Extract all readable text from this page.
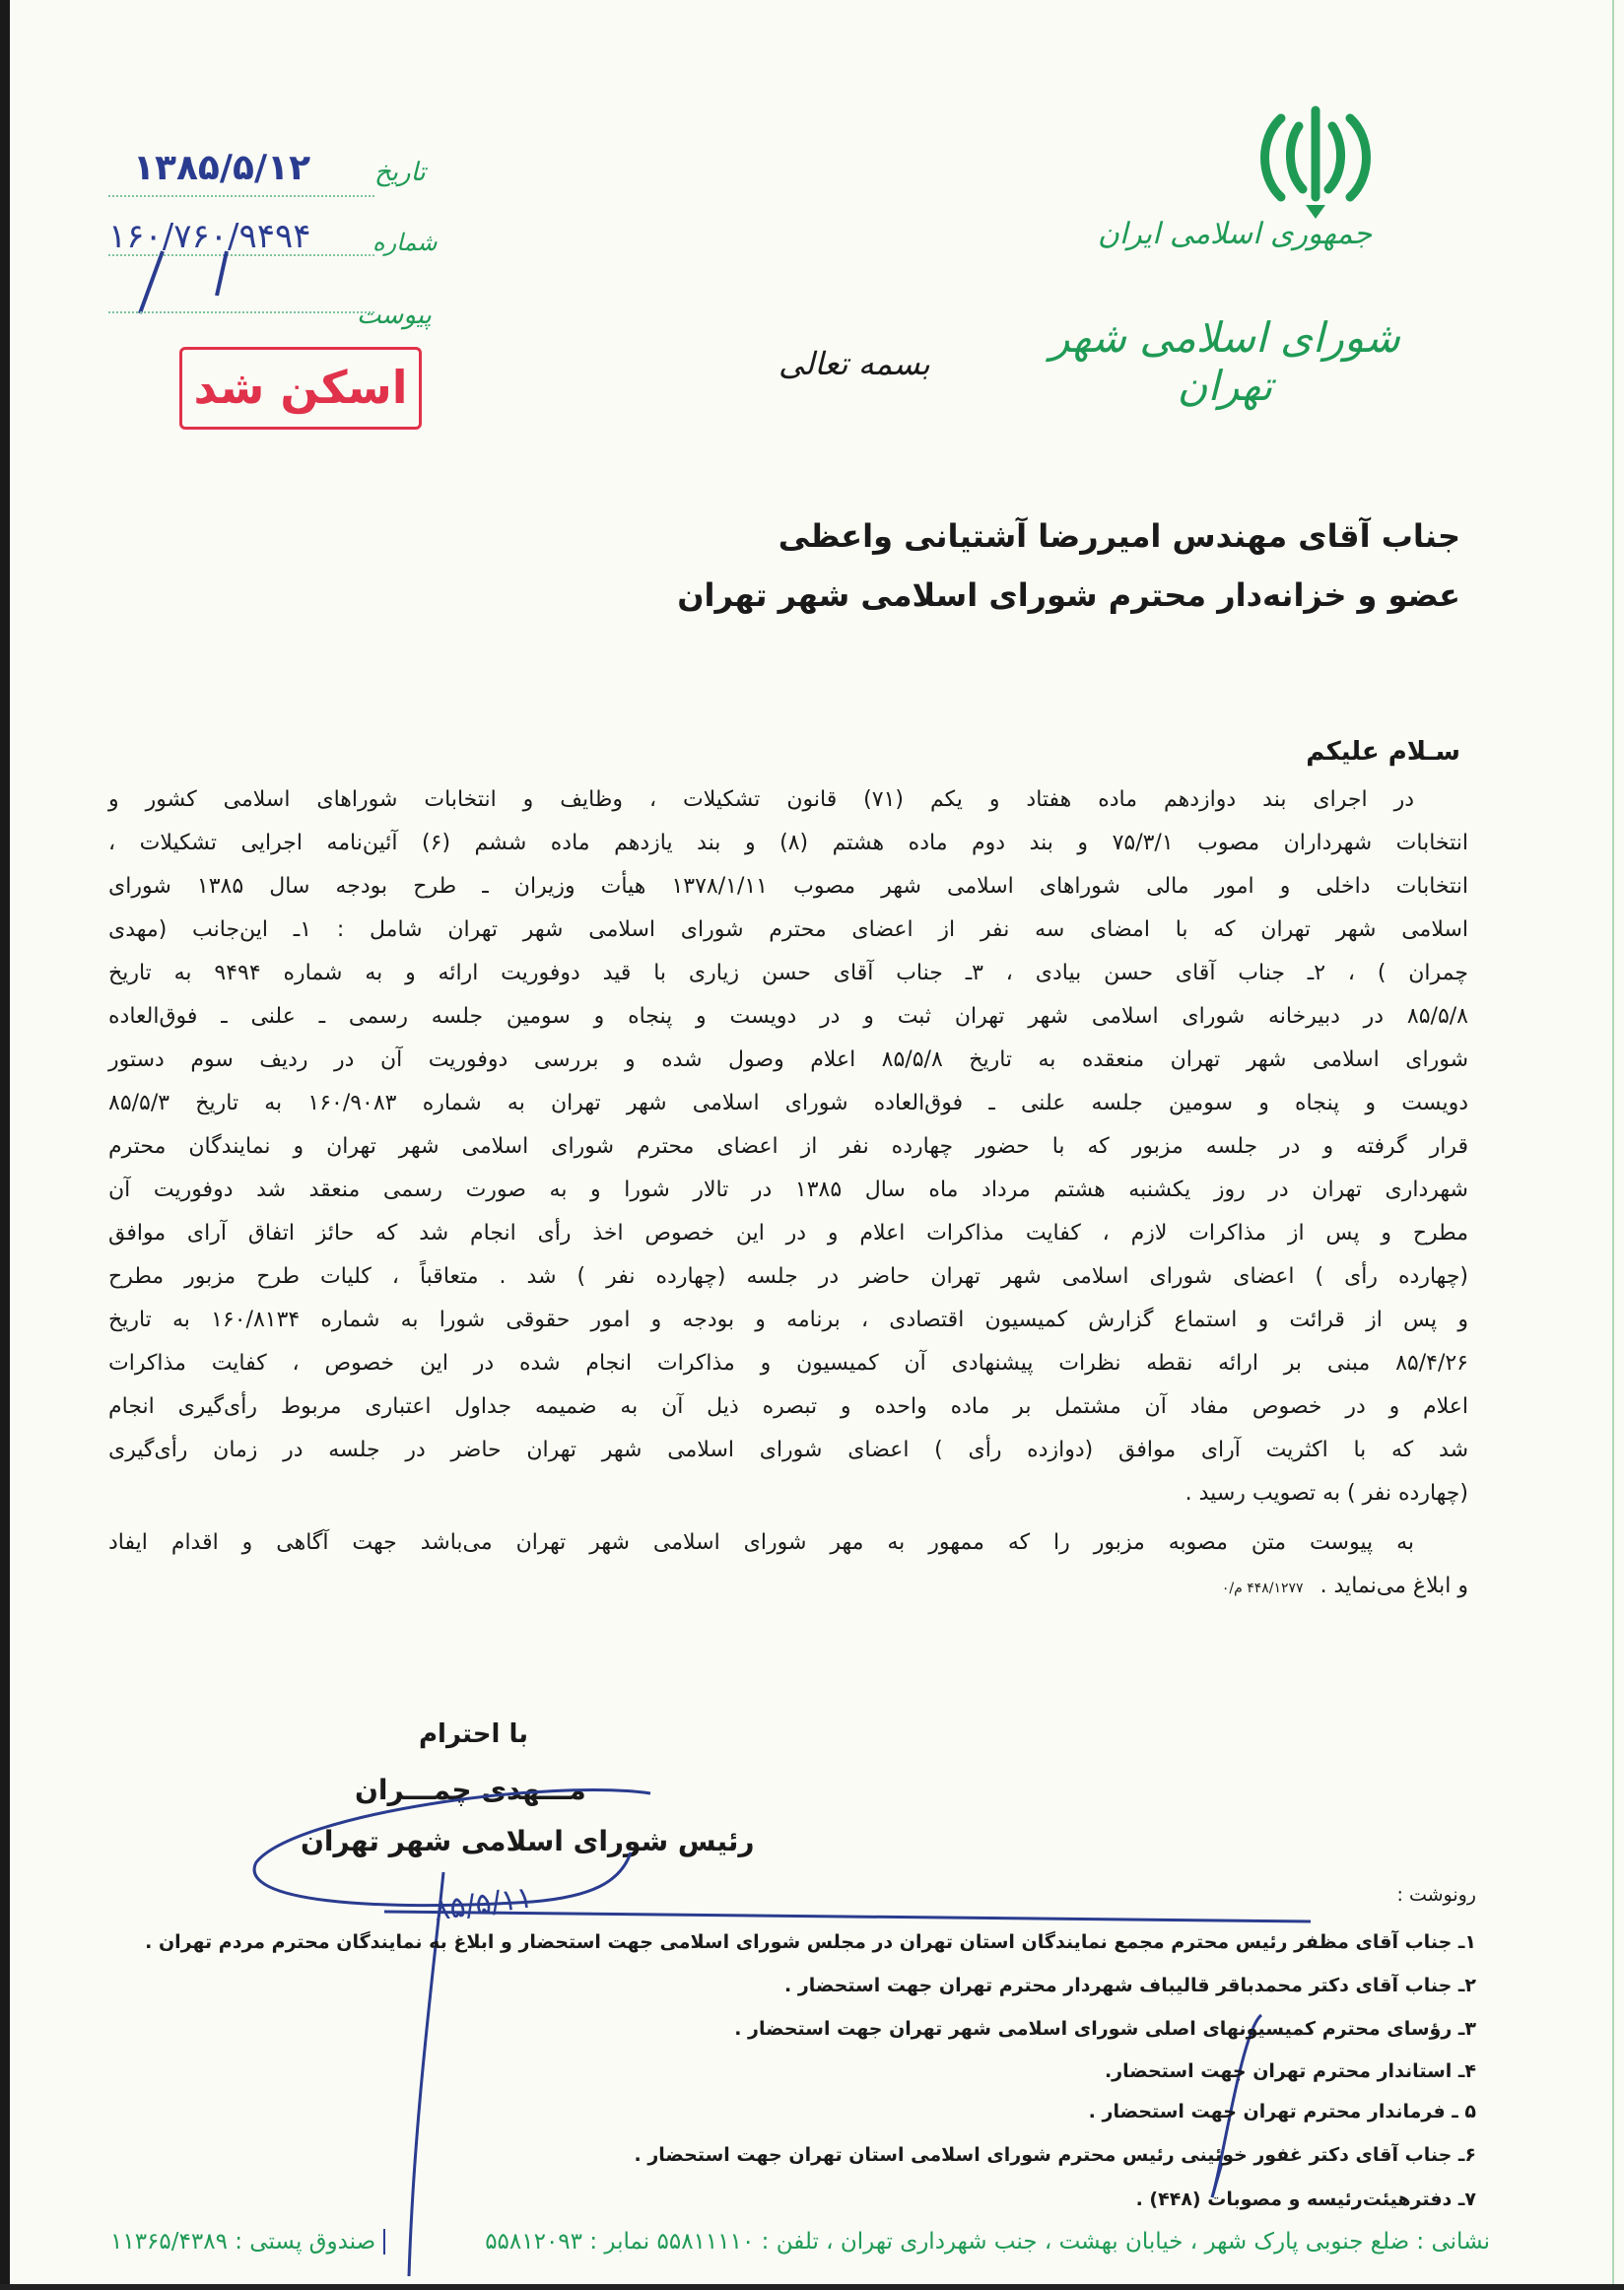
جمهوری اسلامی ایران
شورای اسلامی شهر تهران
بسمه تعالی
تاریخ
۱۳۸۵/۵/۱۲
شماره
۱۶۰/۷۶۰/۹۴۹۴
پیوست
اسکن شد
جناب آقای مهندس امیررضا آشتیانی واعظی
عضو و خزانه‌دار محترم شورای اسلامی شهر تهران
سـلام علیکم
در اجرای بند دوازدهم ماده هفتاد و یکم (۷۱) قانون تشکیلات ، وظایف و انتخابات شوراهای اسلامی کشور و
انتخابات شهرداران مصوب ۷۵/۳/۱ و بند دوم ماده هشتم (۸) و بند یازدهم ماده ششم (۶) آئین‌نامه اجرایی تشکیلات ،
انتخابات داخلی و امور مالی شوراهای اسلامی شهر مصوب ۱۳۷۸/۱/۱۱ هیأت وزیران ـ طرح بودجه سال ۱۳۸۵ شورای
اسلامی شهر تهران که با امضای سه نفر از اعضای محترم شورای اسلامی شهر تهران شامل : ۱ـ این‌جانب (مهدی
چمران ) ، ۲ـ جناب آقای حسن بیادی ، ۳ـ جناب آقای حسن زیاری با قید دوفوریت ارائه و به شماره ۹۴۹۴ به تاریخ
۸۵/۵/۸ در دبیرخانه شورای اسلامی شهر تهران ثبت و در دویست و پنجاه و سومین جلسه رسمی ـ علنی ـ فوق‌العاده
شورای اسلامی شهر تهران منعقده به تاریخ ۸۵/۵/۸ اعلام وصول شده و بررسی دوفوریت آن در ردیف سوم دستور
دویست و پنجاه و سومین جلسه علنی ـ فوق‌العاده شورای اسلامی شهر تهران به شماره ۱۶۰/۹۰۸۳ به تاریخ ۸۵/۵/۳
قرار گرفته و در جلسه مزبور که با حضور چهارده نفر از اعضای محترم شورای اسلامی شهر تهران و نمایندگان محترم
شهرداری تهران در روز یکشنبه هشتم مرداد ماه سال ۱۳۸۵ در تالار شورا و به صورت رسمی منعقد شد دوفوریت آن
مطرح و پس از مذاکرات لازم ، کفایت مذاکرات اعلام و در این خصوص اخذ رأی انجام شد که حائز اتفاق آرای موافق
(چهارده رأی ) اعضای شورای اسلامی شهر تهران حاضر در جلسه (چهارده نفر ) شد . متعاقباً ، کلیات طرح مزبور مطرح
و پس از قرائت و استماع گزارش کمیسیون اقتصادی ، برنامه و بودجه و امور حقوقی شورا به شماره ۱۶۰/۸۱۳۴ به تاریخ
۸۵/۴/۲۶ مبنی بر ارائه نقطه نظرات پیشنهادی آن کمیسیون و مذاکرات انجام شده در این خصوص ، کفایت مذاکرات
اعلام و در خصوص مفاد آن مشتمل بر ماده واحده و تبصره ذیل آن به ضمیمه جداول اعتباری مربوط رأی‌گیری انجام
شد که با اکثریت آرای موافق (دوازده رأی ) اعضای شورای اسلامی شهر تهران حاضر در جلسه در زمان رأی‌گیری
(چهارده نفر ) به تصویب رسید .
به پیوست متن مصوبه مزبور را که ممهور به مهر شورای اسلامی شهر تهران می‌باشد جهت آگاهی و اقدام ایفاد
و ابلاغ می‌نماید . ۴۴۸/۱۲۷۷ م/۰
با احترام
مـــهدی چمـــران
رئیس شورای اسلامی شهر تهران
۸۵/۵/۱۱	رونوشت :
۱ـ جناب آقای مظفر رئیس محترم مجمع نمایندگان استان تهران در مجلس شورای اسلامی جهت استحضار و ابلاغ به نمایندگان محترم مردم تهران .
۲ـ جناب آقای دکتر محمدباقر قالیباف شهردار محترم تهران جهت استحضار .
۳ـ رؤسای محترم کمیسیونهای اصلی شورای اسلامی شهر تهران جهت استحضار .
۴ـ استاندار محترم تهران جهت استحضار.
۵ ـ فرماندار محترم تهران جهت استحضار .
۶ـ جناب آقای دکتر غفور خوئینی رئیس محترم شورای اسلامی استان تهران جهت استحضار .
۷ـ دفترهیئت‌رئیسه و مصوبات (۴۴۸) .
نشانی : ضلع جنوبی پارک شهر ، خیابان بهشت ، جنب شهرداری تهران ، تلفن : ۵۵۸۱۱۱۱۰ نمابر : ۵۵۸۱۲۰۹۳
صندوق پستی : ۱۱۳۶۵/۴۳۸۹
